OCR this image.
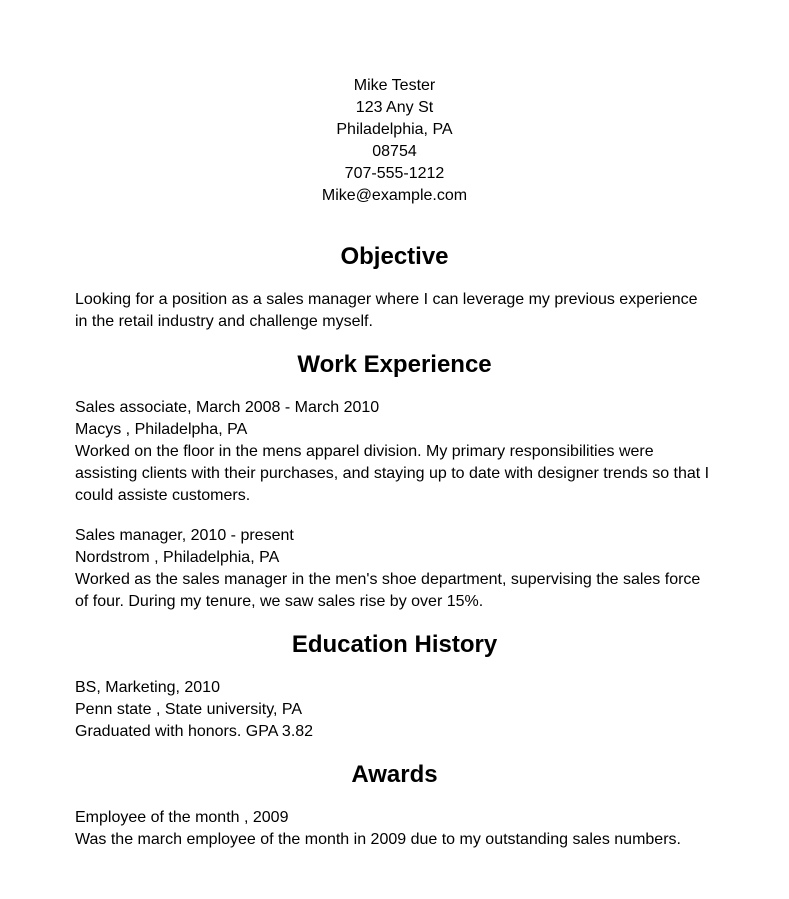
Mike Tester
123 Any St
Philadelphia, PA
08754
707-555-1212
Mike@example.com
Objective
Looking for a position as a sales manager where I can leverage my previous experience in the retail industry and challenge myself.
Work Experience
Sales associate, March 2008 - March 2010
Macys , Philadelpha, PA
Worked on the floor in the mens apparel division. My primary responsibilities were assisting clients with their purchases, and staying up to date with designer trends so that I could assiste customers.
Sales manager, 2010 - present
Nordstrom , Philadelphia, PA
Worked as the sales manager in the men's shoe department, supervising the sales force of four. During my tenure, we saw sales rise by over 15%.
Education History
BS, Marketing, 2010
Penn state , State university, PA
Graduated with honors. GPA 3.82
Awards
Employee of the month , 2009
Was the march employee of the month in 2009 due to my outstanding sales numbers.
